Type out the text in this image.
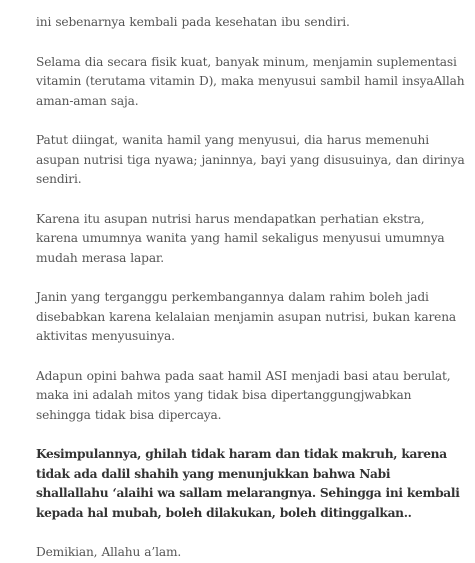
ini sebenarnya kembali pada kesehatan ibu sendiri.

Selama dia secara fisik kuat, banyak minum, menjamin suplementasi vitamin (terutama vitamin D), maka menyusui sambil hamil insyaAllah aman-aman saja.

Patut diingat, wanita hamil yang menyusui, dia harus memenuhi asupan nutrisi tiga nyawa; janinnya, bayi yang disusuinya, dan dirinya sendiri.

Karena itu asupan nutrisi harus mendapatkan perhatian ekstra, karena umumnya wanita yang hamil sekaligus menyusui umumnya mudah merasa lapar.

Janin yang terganggu perkembangannya dalam rahim boleh jadi disebabkan karena kelalaian menjamin asupan nutrisi, bukan karena aktivitas menyusuinya.

Adapun opini bahwa pada saat hamil ASI menjadi basi atau berulat, maka ini adalah mitos yang tidak bisa dipertanggungjwabkan sehingga tidak bisa dipercaya.

Kesimpulannya, ghilah tidak haram dan tidak makruh, karena tidak ada dalil shahih yang menunjukkan bahwa Nabi shallallahu ‘alaihi wa sallam melarangnya. Sehingga ini kembali kepada hal mubah, boleh dilakukan, boleh ditinggalkan..

Demikian, Allahu a’lam.
